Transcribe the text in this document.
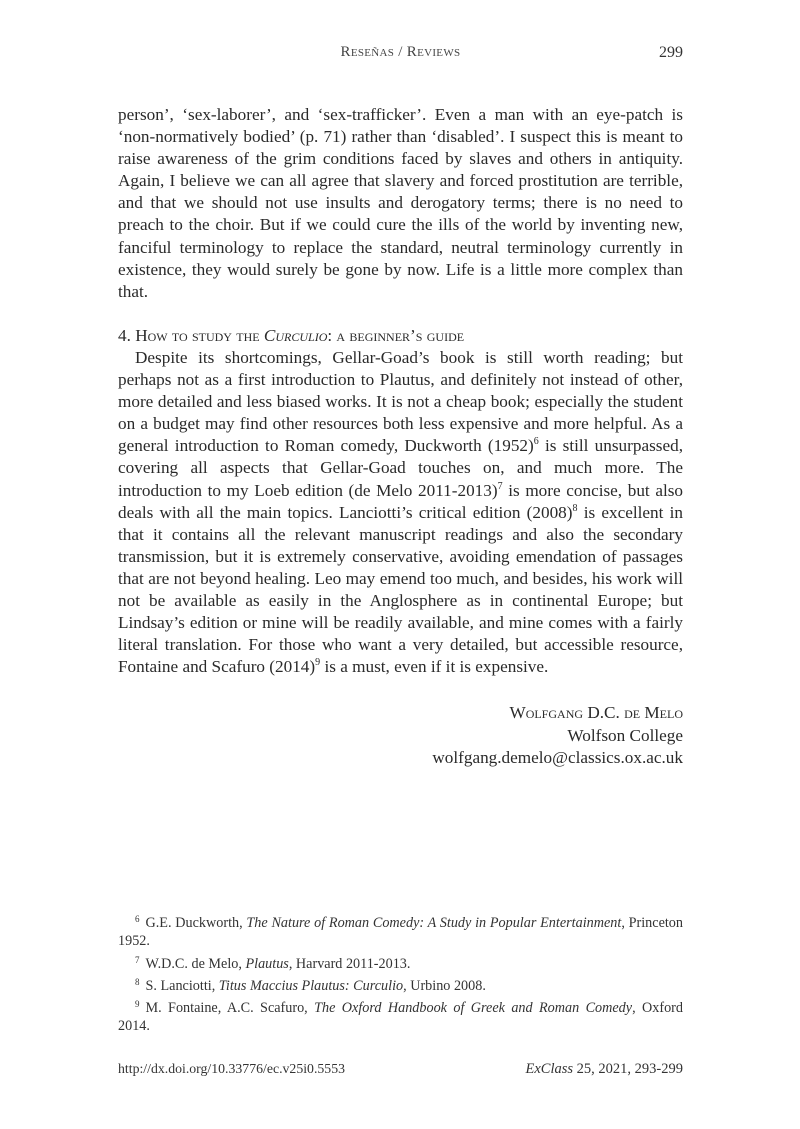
Reseñas / Reviews	299

person’, ‘sex-laborer’, and ‘sex-trafficker’. Even a man with an eye-patch is ‘non-normatively bodied’ (p. 71) rather than ‘disabled’. I suspect this is meant to raise awareness of the grim conditions faced by slaves and others in antiquity. Again, I believe we can all agree that slavery and forced prostitution are terrible, and that we should not use insults and derogatory terms; there is no need to preach to the choir. But if we could cure the ills of the world by inventing new, fanciful terminology to replace the standard, neutral terminology currently in existence, they would surely be gone by now. Life is a little more complex than that.

4. How to study the Curculio: a beginner’s guide

Despite its shortcomings, Gellar-Goad’s book is still worth reading; but perhaps not as a first introduction to Plautus, and definitely not instead of other, more detailed and less biased works. It is not a cheap book; especially the student on a budget may find other resources both less expensive and more helpful. As a general introduction to Roman comedy, Duckworth $(1952)^6$ is still unsurpassed, covering all aspects that Gellar-Goad touches on, and much more. The introduction to my Loeb edition (de Melo 2011-2013)$^7$ is more concise, but also deals with all the main topics. Lanciotti’s critical edition $(2008)^8$ is excellent in that it contains all the relevant manuscript readings and also the secondary transmission, but it is extremely conservative, avoiding emendation of passages that are not beyond healing. Leo may emend too much, and besides, his work will not be available as easily in the Anglosphere as in continental Europe; but Lindsay’s edition or mine will be readily available, and mine comes with a fairly literal translation. For those who want a very detailed, but accessible resource, Fontaine and Scafuro $(2014)^9$ is a must, even if it is expensive.

Wolfgang D.C. de Melo
Wolfson College
wolfgang.demelo@classics.ox.ac.uk

$^6$ G.E. Duckworth, The Nature of Roman Comedy: A Study in Popular Entertainment, Princeton 1952.

$^7$ W.D.C. de Melo, Plautus, Harvard 2011-2013.

$^8$ S. Lanciotti, Titus Maccius Plautus: Curculio, Urbino 2008.

$^9$ M. Fontaine, A.C. Scafuro, The Oxford Handbook of Greek and Roman Comedy, Oxford 2014.

http://dx.doi.org/10.33776/ec.v25i0.5553	ExClass 25, 2021, 293-299
